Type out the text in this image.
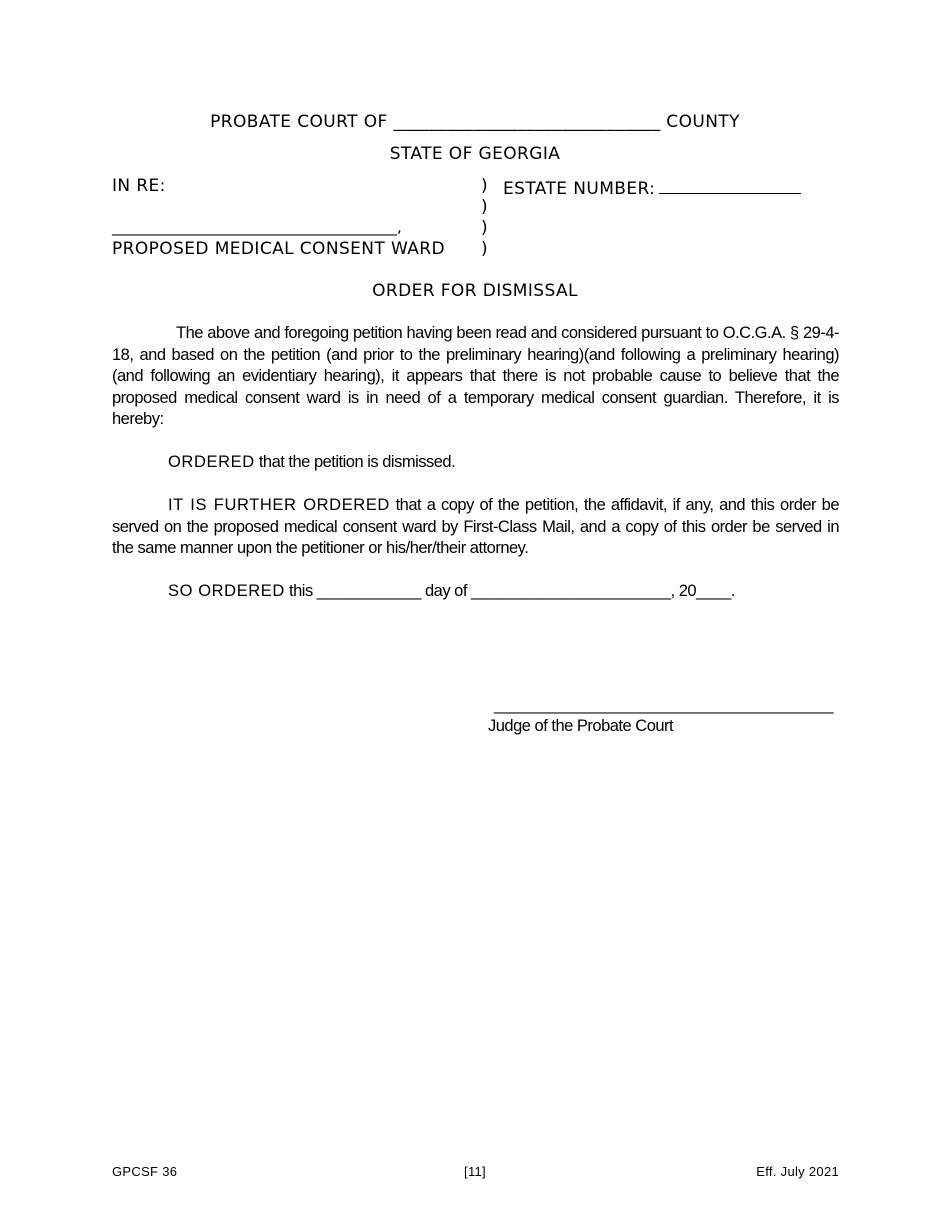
PROBATE COURT OF ______________________________ COUNTY
STATE OF GEORGIA
IN RE:	)
)
)
)
ESTATE NUMBER:
______________________________________,
PROPOSED MEDICAL CONSENT WARD
ORDER FOR DISMISSAL
The above and foregoing petition having been read and considered pursuant to O.C.G.A. § 29-4-18, and based on the petition (and prior to the preliminary hearing)(and following a preliminary hearing)(and following an evidentiary hearing), it appears that there is not probable cause to believe that the proposed medical consent ward is in need of a temporary medical consent guardian. Therefore, it is hereby:
ORDERED that the petition is dismissed.
IT IS FURTHER ORDERED that a copy of the petition, the affidavit, if any, and this order be served on the proposed medical consent ward by First-Class Mail, and a copy of this order be served in the same manner upon the petitioner or his/her/their attorney.
SO ORDERED this ____________ day of _______________________, 20____.
_____________________________________
Judge of the Probate Court
GPCSF 36	[11]	Eff. July 2021
